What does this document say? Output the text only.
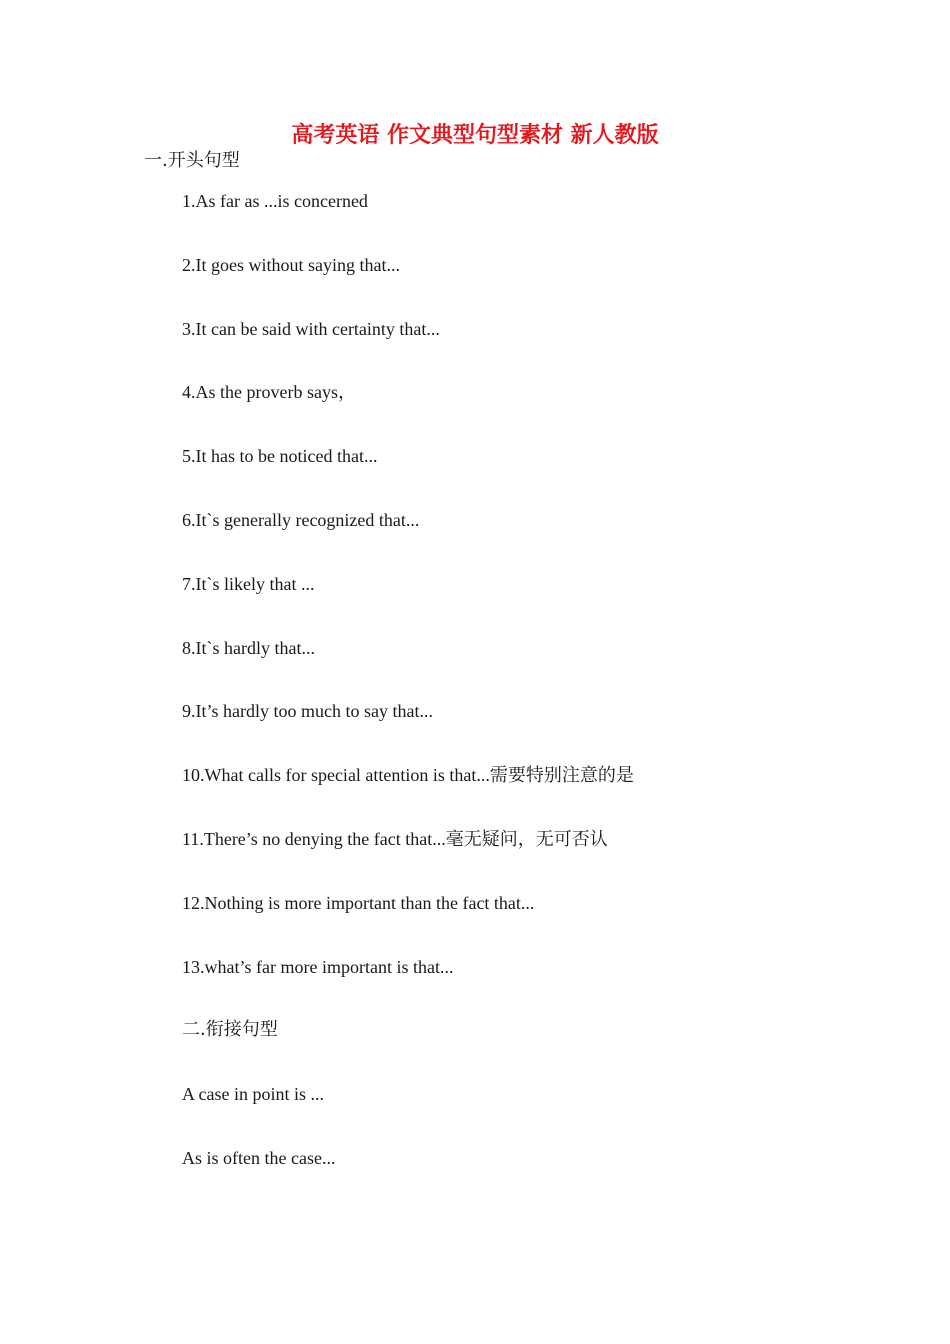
高考英语 作文典型句型素材 新人教版
一.开头句型
1.As far as ...is concerned
2.It goes without saying that...
3.It can be said with certainty that...
4.As the proverb says，
5.It has to be noticed that...
6.It`s generally recognized that...
7.It`s likely that ...
8.It`s hardly that...
9.It’s hardly too much to say that...
10.What calls for special attention is that...需要特别注意的是
11.There’s no denying the fact that...毫无疑问，无可否认
12.Nothing is more important than the fact that...
13.what’s far more important is that...
二.衔接句型
A case in point is ...
As is often the case...
